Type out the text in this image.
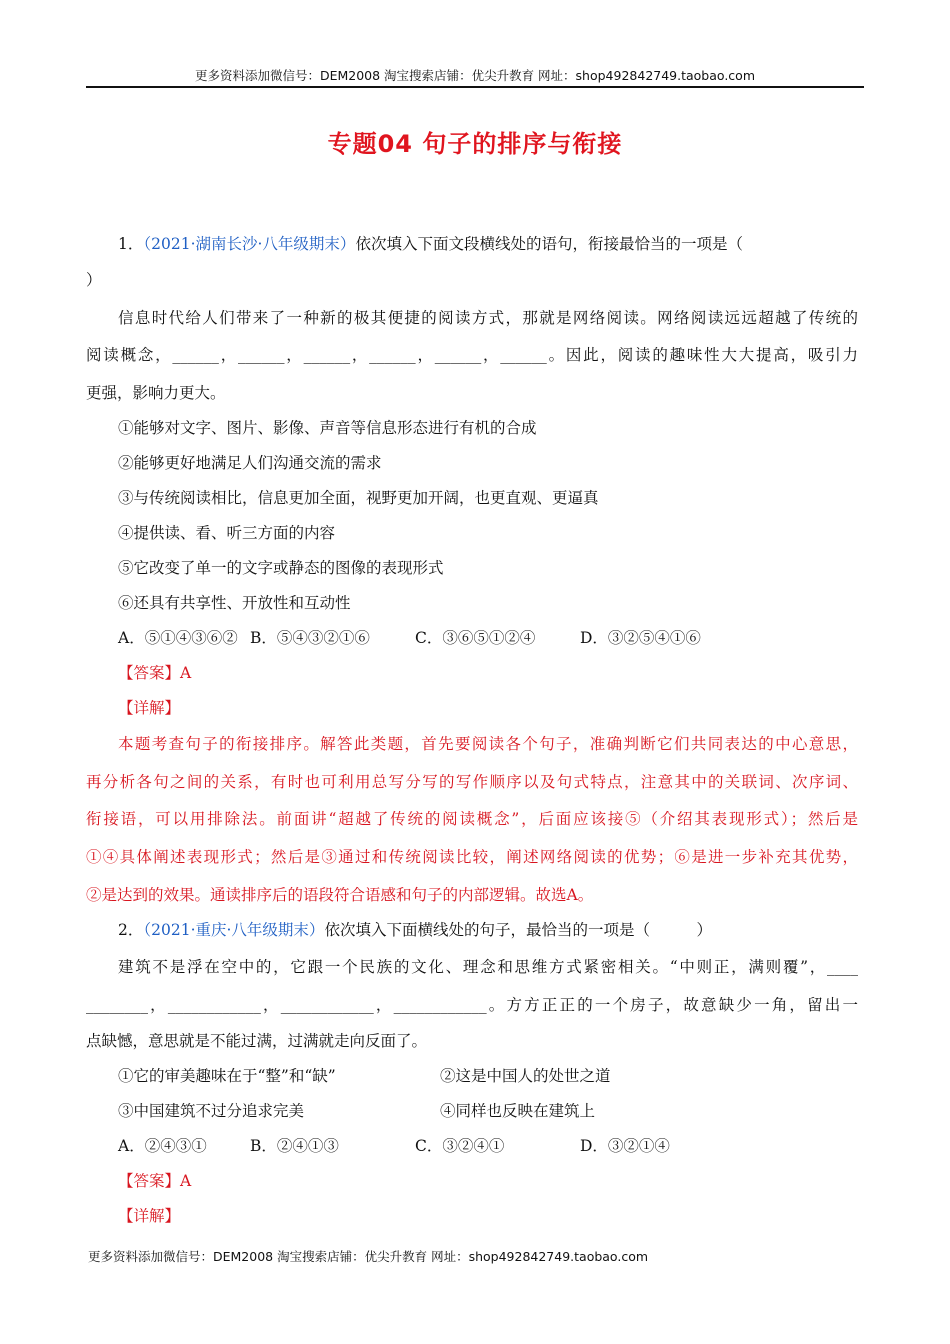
更多资料添加微信号：DEM2008 淘宝搜索店铺：优尖升教育 网址：shop492842749.taobao.com
专题04 句子的排序与衔接
1．（2021·湖南长沙·八年级期末）依次填入下面文段横线处的语句，衔接最恰当的一项是（
）
信息时代给人们带来了一种新的极其便捷的阅读方式，那就是网络阅读。网络阅读远远超越了传统的
阅读概念，______，______，______，______，______，______。因此，阅读的趣味性大大提高，吸引力
更强，影响力更大。
①能够对文字、图片、影像、声音等信息形态进行有机的合成
②能够更好地满足人们沟通交流的需求
③与传统阅读相比，信息更加全面，视野更加开阔，也更直观、更逼真
④提供读、看、听三方面的内容
⑤它改变了单一的文字或静态的图像的表现形式
⑥还具有共享性、开放性和互动性
A．⑤①④③⑥② B．⑤④③②①⑥	C．③⑥⑤①②④	D．③②⑤④①⑥
【答案】A
【详解】
本题考查句子的衔接排序。解答此类题，首先要阅读各个句子，准确判断它们共同表达的中心意思，
再分析各句之间的关系，有时也可利用总写分写的写作顺序以及句式特点，注意其中的关联词、次序词、
衔接语，可以用排除法。前面讲“超越了传统的阅读概念”，后面应该接⑤（介绍其表现形式）；然后是
①④具体阐述表现形式；然后是③通过和传统阅读比较，阐述网络阅读的优势；⑥是进一步补充其优势，
②是达到的效果。通读排序后的语段符合语感和句子的内部逻辑。故选A。
2．（2021·重庆·八年级期末）依次填入下面横线处的句子，最恰当的一项是（　　　）
建筑不是浮在空中的，它跟一个民族的文化、理念和思维方式紧密相关。“中则正，满则覆”，____
________，____________，____________，____________。方方正正的一个房子，故意缺少一角，留出一
点缺憾，意思就是不能过满，过满就走向反面了。
①它的审美趣味在于“整”和“缺”	②这是中国人的处世之道
③中国建筑不过分追求完美	④同样也反映在建筑上
A．②④③①	B．②④①③	C．③②④①	D．③②①④
【答案】A
【详解】
更多资料添加微信号：DEM2008 淘宝搜索店铺：优尖升教育 网址：shop492842749.taobao.com
